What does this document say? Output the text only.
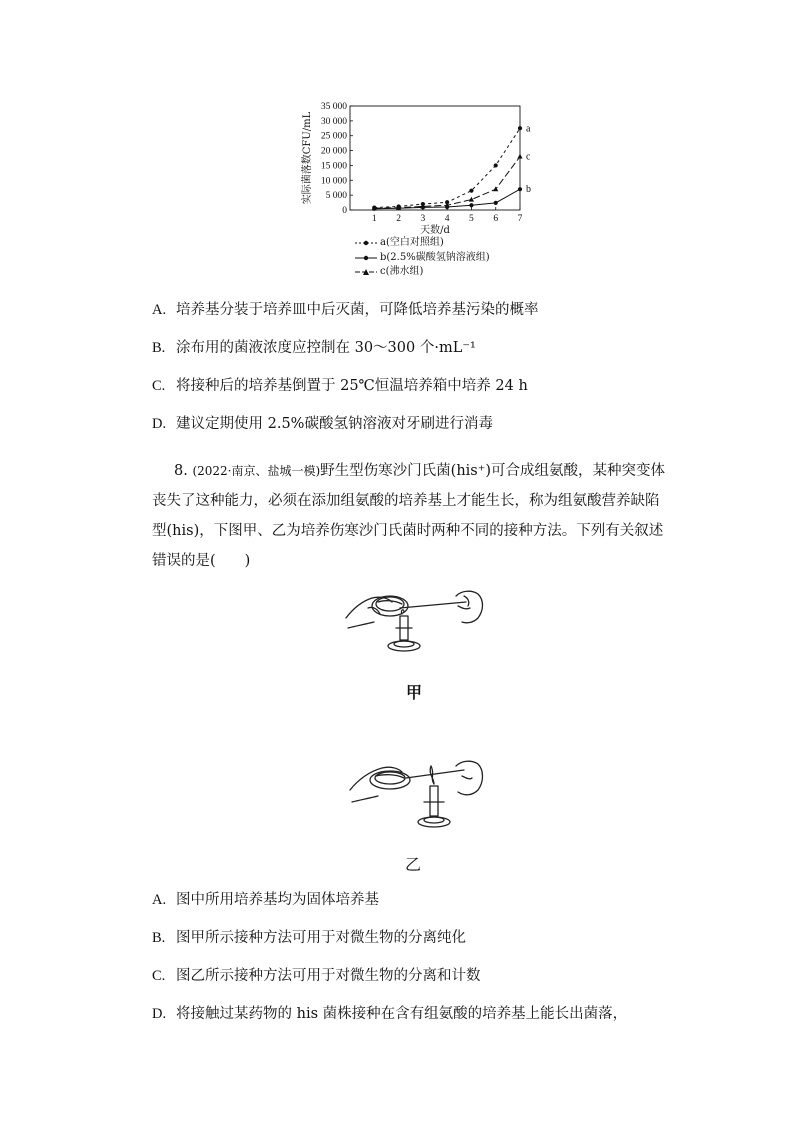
35 000
30 000
25 000
20 000
15 000
10 000
5 000
0
1 2 3 4 5 6 7
天数/d
实际菌落数CFU/mL	a
b
c
a(空白对照组)
b(2.5%碳酸氢钠溶液组)
c(沸水组)
A. 培养基分装于培养皿中后灭菌，可降低培养基污染的概率
B. 涂布用的菌液浓度应控制在 30～300 个·mL⁻¹
C. 将接种后的培养基倒置于 25℃恒温培养箱中培养 24 h
D. 建议定期使用 2.5%碳酸氢钠溶液对牙刷进行消毒
8. (2022·南京、盐城一模)野生型伤寒沙门氏菌(his⁺)可合成组氨酸，某种突变体丧失了这种能力，必须在添加组氨酸的培养基上才能生长，称为组氨酸营养缺陷型(his)，下图甲、乙为培养伤寒沙门氏菌时两种不同的接种方法。下列有关叙述错误的是(　　)
甲
乙
A. 图中所用培养基均为固体培养基
B. 图甲所示接种方法可用于对微生物的分离纯化
C. 图乙所示接种方法可用于对微生物的分离和计数
D. 将接触过某药物的 his 菌株接种在含有组氨酸的培养基上能长出菌落，
